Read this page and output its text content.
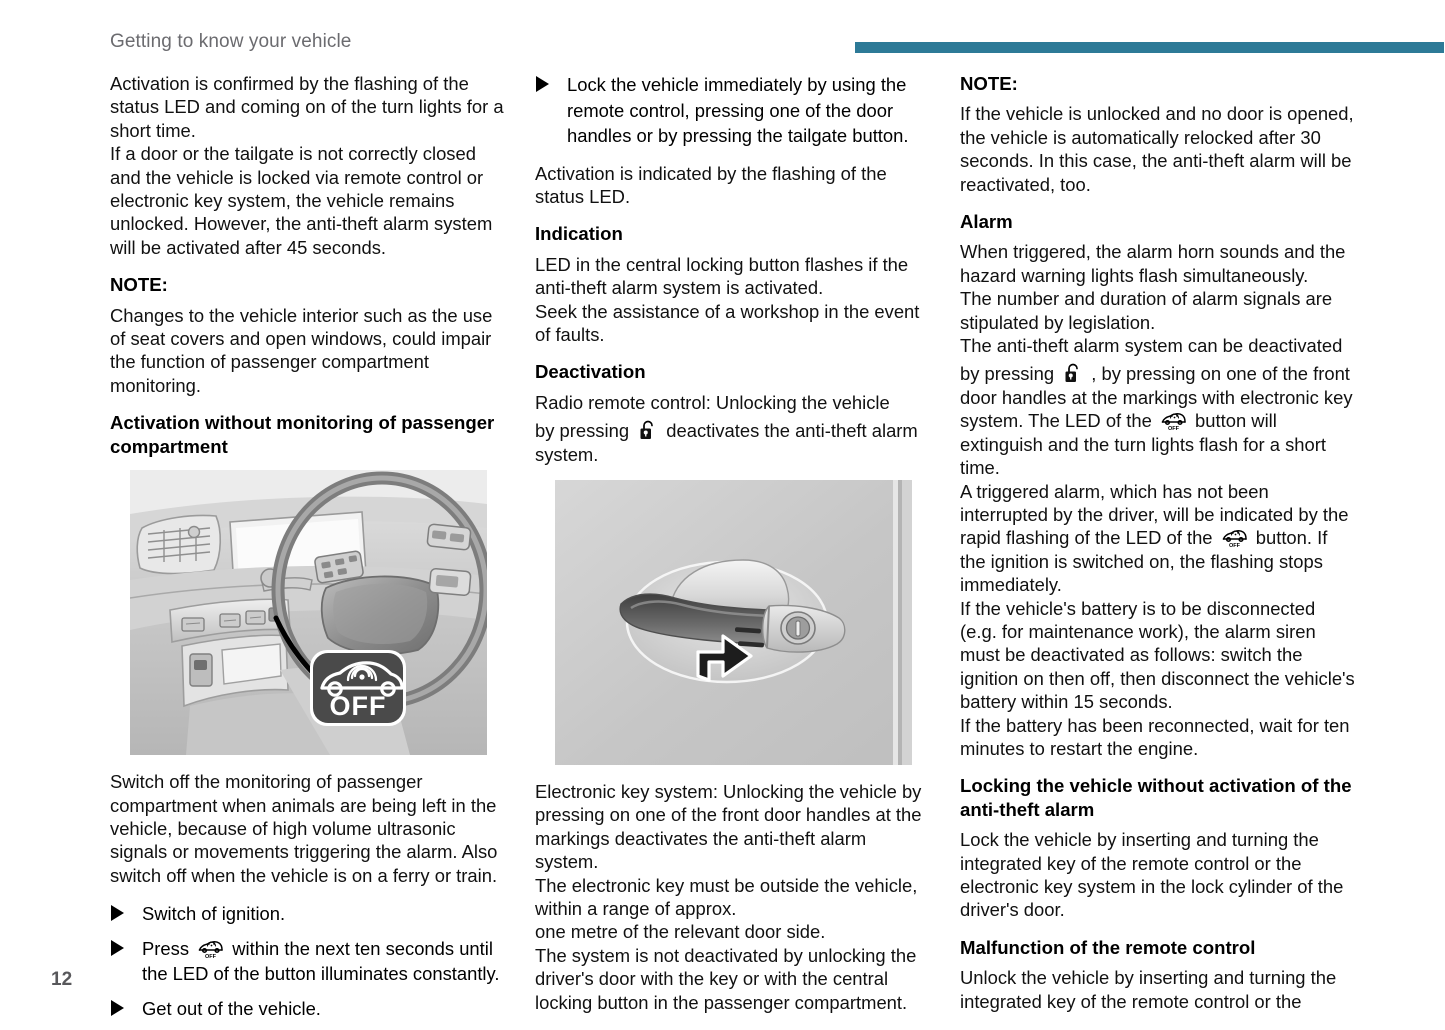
Getting to know your vehicle

Activation is confirmed by the flashing of the status LED and coming on of the turn lights for a short time.

If a door or the tailgate is not correctly closed and the vehicle is locked via remote control or electronic key system, the vehicle remains unlocked. However, the anti-theft alarm system will be activated after 45 seconds.

NOTE:

Changes to the vehicle interior such as the use of seat covers and open windows, could impair the function of passenger compartment monitoring.

Activation without monitoring of passenger compartment
OFF

Switch off the monitoring of passenger compartment when animals are being left in the vehicle, because of high volume ultrasonic signals or movements triggering the alarm. Also switch off when the vehicle is on a ferry or train.

Switch of ignition.
Press OFF within the next ten seconds until the LED of the button illuminates constantly.
Get out of the vehicle.
Lock the vehicle immediately by using the remote control, pressing one of the door handles or by pressing the tailgate button.

Activation is indicated by the flashing of the status LED.

Indication

LED in the central locking button flashes if the anti-theft alarm system is activated.

Seek the assistance of a workshop in the event of faults.

Deactivation

Radio remote control: Unlocking the vehicle

by pressing  deactivates the anti-theft alarm system.

Electronic key system: Unlocking the vehicle by pressing on one of the front door handles at the markings deactivates the anti-theft alarm system.

The electronic key must be outside the vehicle, within a range of approx.

one metre of the relevant door side.

The system is not deactivated by unlocking the driver's door with the key or with the central locking button in the passenger compartment.

NOTE:

If the vehicle is unlocked and no door is opened, the vehicle is automatically relocked after 30 seconds. In this case, the anti-theft alarm will be reactivated, too.

Alarm

When triggered, the alarm horn sounds and the hazard warning lights flash simultaneously.

The number and duration of alarm signals are stipulated by legislation.

The anti-theft alarm system can be deactivated

by pressing  , by pressing on one of the front door handles at the markings with electronic key system. The LED of the OFF button will extinguish and the turn lights flash for a short time.

A triggered alarm, which has not been interrupted by the driver, will be indicated by the rapid flashing of the LED of the OFF button. If the ignition is switched on, the flashing stops immediately.

If the vehicle's battery is to be disconnected (e.g. for maintenance work), the alarm siren must be deactivated as follows: switch the ignition on then off, then disconnect the vehicle's battery within 15 seconds.

If the battery has been reconnected, wait for ten minutes to restart the engine.

Locking the vehicle without activation of the anti-theft alarm

Lock the vehicle by inserting and turning the integrated key of the remote control or the electronic key system in the lock cylinder of the driver's door.

Malfunction of the remote control

Unlock the vehicle by inserting and turning the integrated key of the remote control or the

12
